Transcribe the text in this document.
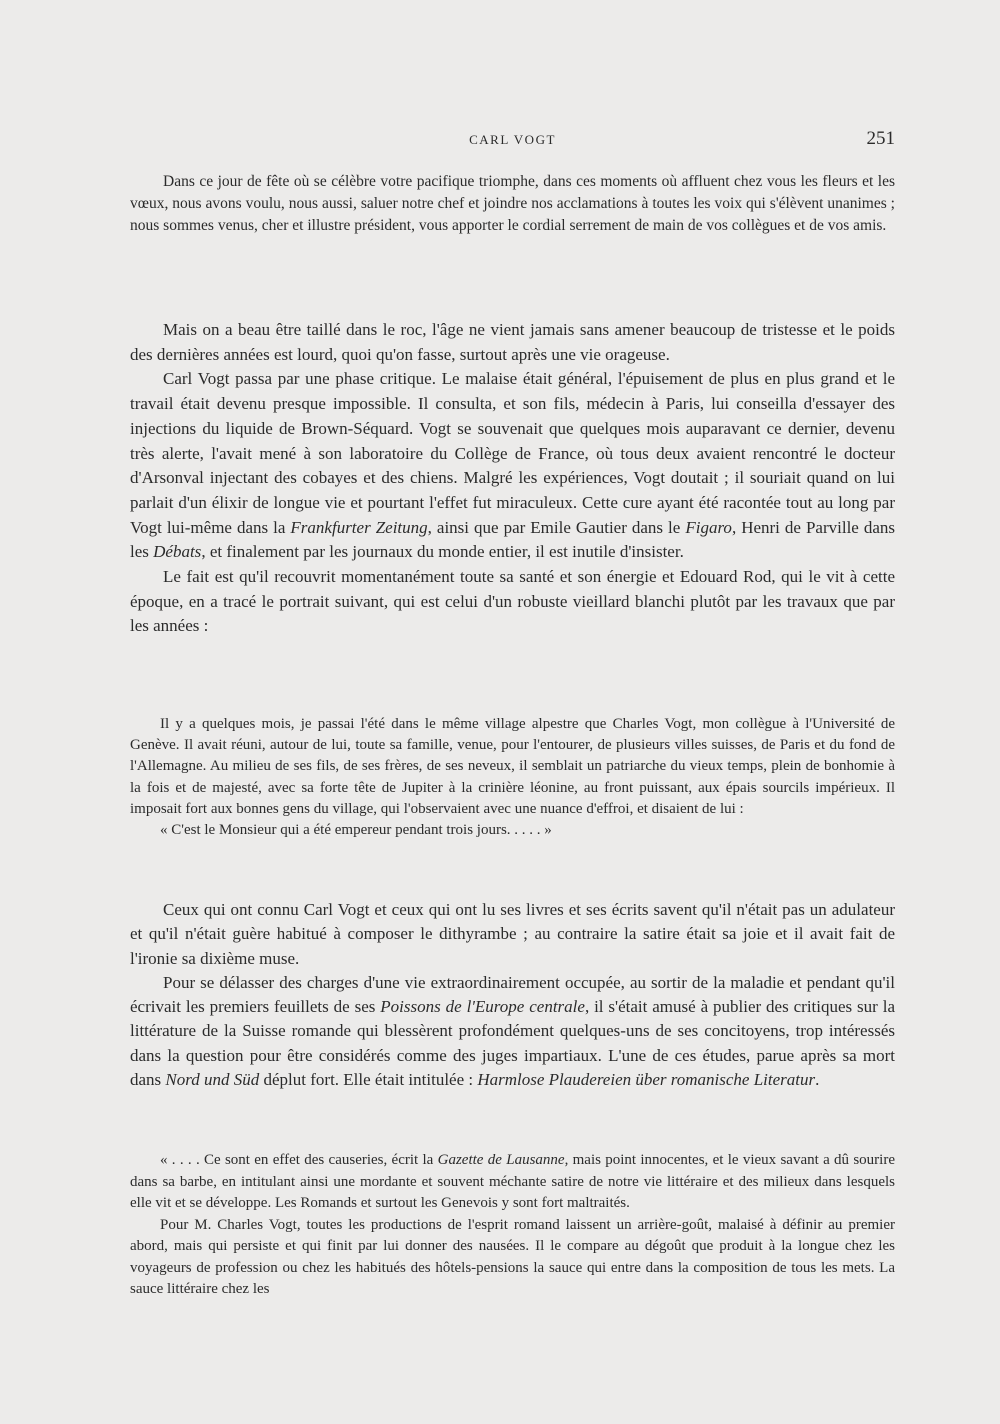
CARL VOGT	251

Dans ce jour de fête où se célèbre votre pacifique triomphe, dans ces moments où affluent chez vous les fleurs et les vœux, nous avons voulu, nous aussi, saluer notre chef et joindre nos acclamations à toutes les voix qui s'élèvent unanimes ; nous sommes venus, cher et illustre président, vous apporter le cordial serrement de main de vos collègues et de vos amis.

Mais on a beau être taillé dans le roc, l'âge ne vient jamais sans amener beaucoup de tristesse et le poids des dernières années est lourd, quoi qu'on fasse, surtout après une vie orageuse.

Carl Vogt passa par une phase critique. Le malaise était général, l'épuisement de plus en plus grand et le travail était devenu presque impossible. Il consulta, et son fils, médecin à Paris, lui conseilla d'essayer des injections du liquide de Brown-Séquard. Vogt se souvenait que quelques mois auparavant ce dernier, devenu très alerte, l'avait mené à son laboratoire du Collège de France, où tous deux avaient rencontré le docteur d'Arsonval injectant des cobayes et des chiens. Malgré les expériences, Vogt doutait ; il souriait quand on lui parlait d'un élixir de longue vie et pourtant l'effet fut miraculeux. Cette cure ayant été racontée tout au long par Vogt lui-même dans la Frankfurter Zeitung, ainsi que par Emile Gautier dans le Figaro, Henri de Parville dans les Débats, et finalement par les journaux du monde entier, il est inutile d'insister.

Le fait est qu'il recouvrit momentanément toute sa santé et son énergie et Edouard Rod, qui le vit à cette époque, en a tracé le portrait suivant, qui est celui d'un robuste vieillard blanchi plutôt par les travaux que par les années :

Il y a quelques mois, je passai l'été dans le même village alpestre que Charles Vogt, mon collègue à l'Université de Genève. Il avait réuni, autour de lui, toute sa famille, venue, pour l'entourer, de plusieurs villes suisses, de Paris et du fond de l'Allemagne. Au milieu de ses fils, de ses frères, de ses neveux, il semblait un patriarche du vieux temps, plein de bonhomie à la fois et de majesté, avec sa forte tête de Jupiter à la crinière léonine, au front puissant, aux épais sourcils impérieux. Il imposait fort aux bonnes gens du village, qui l'observaient avec une nuance d'effroi, et disaient de lui :

« C'est le Monsieur qui a été empereur pendant trois jours. . . . . »

Ceux qui ont connu Carl Vogt et ceux qui ont lu ses livres et ses écrits savent qu'il n'était pas un adulateur et qu'il n'était guère habitué à composer le dithyrambe ; au contraire la satire était sa joie et il avait fait de l'ironie sa dixième muse.

Pour se délasser des charges d'une vie extraordinairement occupée, au sortir de la maladie et pendant qu'il écrivait les premiers feuillets de ses Poissons de l'Europe centrale, il s'était amusé à publier des critiques sur la littérature de la Suisse romande qui blessèrent profondément quelques-uns de ses concitoyens, trop intéressés dans la question pour être considérés comme des juges impartiaux. L'une de ces études, parue après sa mort dans Nord und Süd déplut fort. Elle était intitulée : Harmlose Plaudereien über romanische Literatur.

« . . . . Ce sont en effet des causeries, écrit la Gazette de Lausanne, mais point innocentes, et le vieux savant a dû sourire dans sa barbe, en intitulant ainsi une mordante et souvent méchante satire de notre vie littéraire et des milieux dans lesquels elle vit et se développe. Les Romands et surtout les Genevois y sont fort maltraités.

Pour M. Charles Vogt, toutes les productions de l'esprit romand laissent un arrière-goût, malaisé à définir au premier abord, mais qui persiste et qui finit par lui donner des nausées. Il le compare au dégoût que produit à la longue chez les voyageurs de profession ou chez les habitués des hôtels-pensions la sauce qui entre dans la composition de tous les mets. La sauce littéraire chez les
